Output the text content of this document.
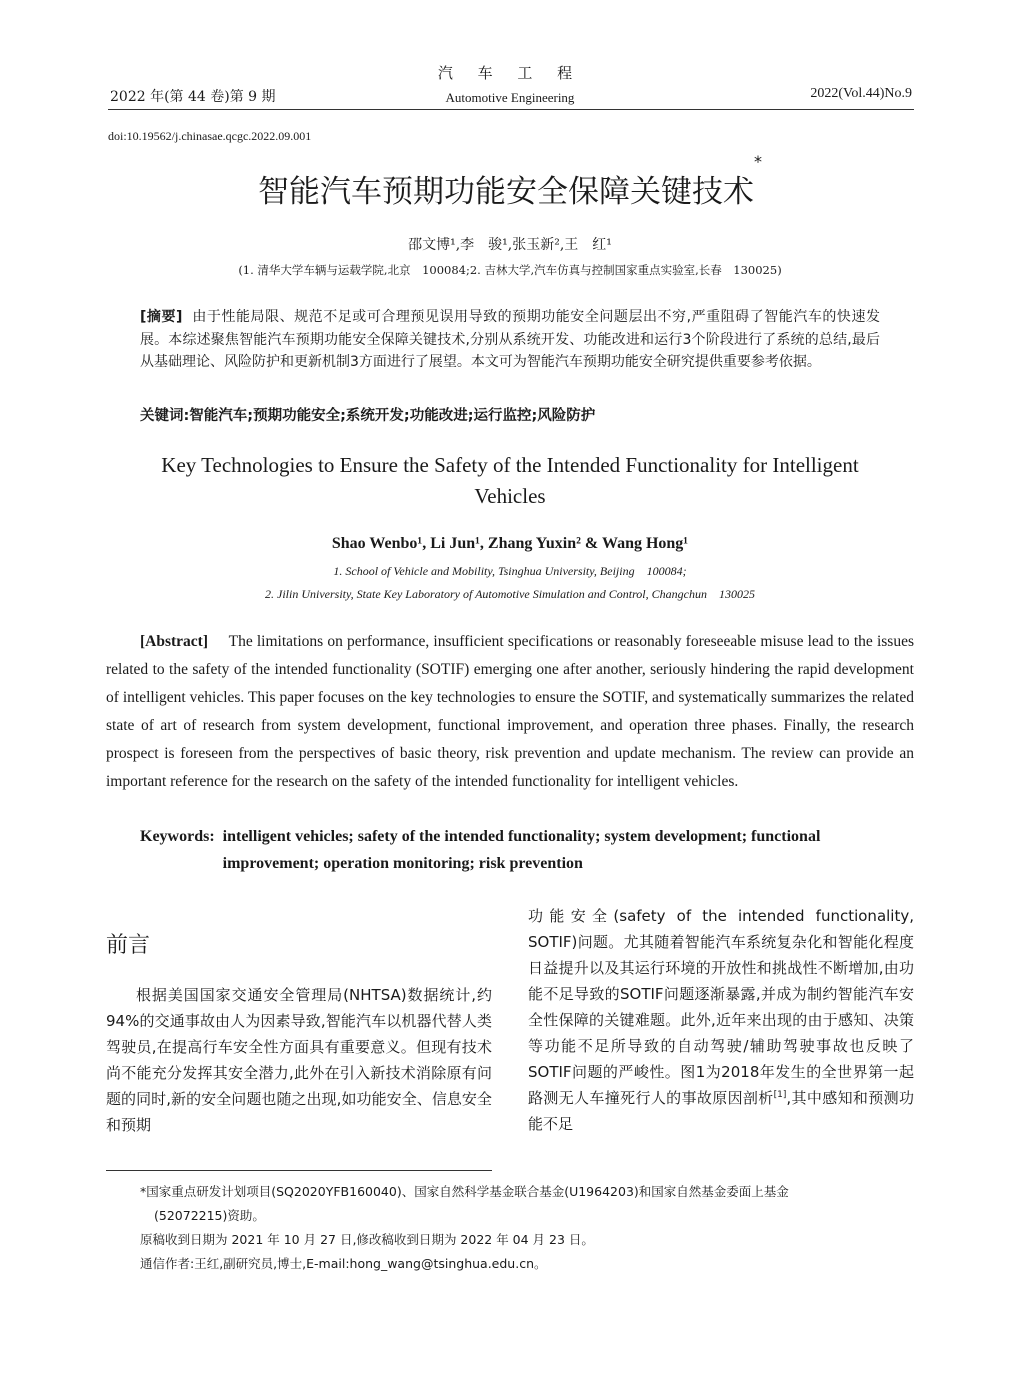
汽 车 工 程
2022 年(第 44 卷)第 9 期	Automotive Engineering	2022(Vol.44)No.9
doi:10.19562/j.chinasae.qcgc.2022.09.001
智能汽车预期功能安全保障关键技术*
邵文博¹,李　骏¹,张玉新²,王　红¹
(1. 清华大学车辆与运载学院,北京　100084;2. 吉林大学,汽车仿真与控制国家重点实验室,长春　130025)
[摘要] 由于性能局限、规范不足或可合理预见误用导致的预期功能安全问题层出不穷,严重阻碍了智能汽车的快速发展。本综述聚焦智能汽车预期功能安全保障关键技术,分别从系统开发、功能改进和运行3个阶段进行了系统的总结,最后从基础理论、风险防护和更新机制3方面进行了展望。本文可为智能汽车预期功能安全研究提供重要参考依据。
关键词:智能汽车;预期功能安全;系统开发;功能改进;运行监控;风险防护
Key Technologies to Ensure the Safety of the Intended Functionality for Intelligent Vehicles
Shao Wenbo¹, Li Jun¹, Zhang Yuxin² & Wang Hong¹
1. School of Vehicle and Mobility, Tsinghua University, Beijing　100084;
2. Jilin University, State Key Laboratory of Automotive Simulation and Control, Changchun　130025
[Abstract] The limitations on performance, insufficient specifications or reasonably foreseeable misuse lead to the issues related to the safety of the intended functionality (SOTIF) emerging one after another, seriously hindering the rapid development of intelligent vehicles. This paper focuses on the key technologies to ensure the SOTIF, and systematically summarizes the related state of art of research from system development, functional improvement, and operation three phases. Finally, the research prospect is foreseen from the perspectives of basic theory, risk prevention and update mechanism. The review can provide an important reference for the research on the safety of the intended functionality for intelligent vehicles.
Keywords: intelligent vehicles; safety of the intended functionality; system development; functional improvement; operation monitoring; risk prevention
前言
根据美国国家交通安全管理局(NHTSA)数据统计,约94%的交通事故由人为因素导致,智能汽车以机器代替人类驾驶员,在提高行车安全性方面具有重要意义。但现有技术尚不能充分发挥其安全潜力,此外在引入新技术消除原有问题的同时,新的安全问题也随之出现,如功能安全、信息安全和预期
功能安全(safety of the intended functionality, SOTIF)问题。尤其随着智能汽车系统复杂化和智能化程度日益提升以及其运行环境的开放性和挑战性不断增加,由功能不足导致的SOTIF问题逐渐暴露,并成为制约智能汽车安全性保障的关键难题。此外,近年来出现的由于感知、决策等功能不足所导致的自动驾驶/辅助驾驶事故也反映了SOTIF问题的严峻性。图1为2018年发生的全世界第一起路测无人车撞死行人的事故原因剖析[1],其中感知和预测功能不足

*国家重点研发计划项目(SQ2020YFB160040)、国家自然科学基金联合基金(U1964203)和国家自然基金委面上基金

(52072215)资助。

原稿收到日期为 2021 年 10 月 27 日,修改稿收到日期为 2022 年 04 月 23 日。

通信作者:王红,副研究员,博士,E-mail:hong_wang@tsinghua.edu.cn。
